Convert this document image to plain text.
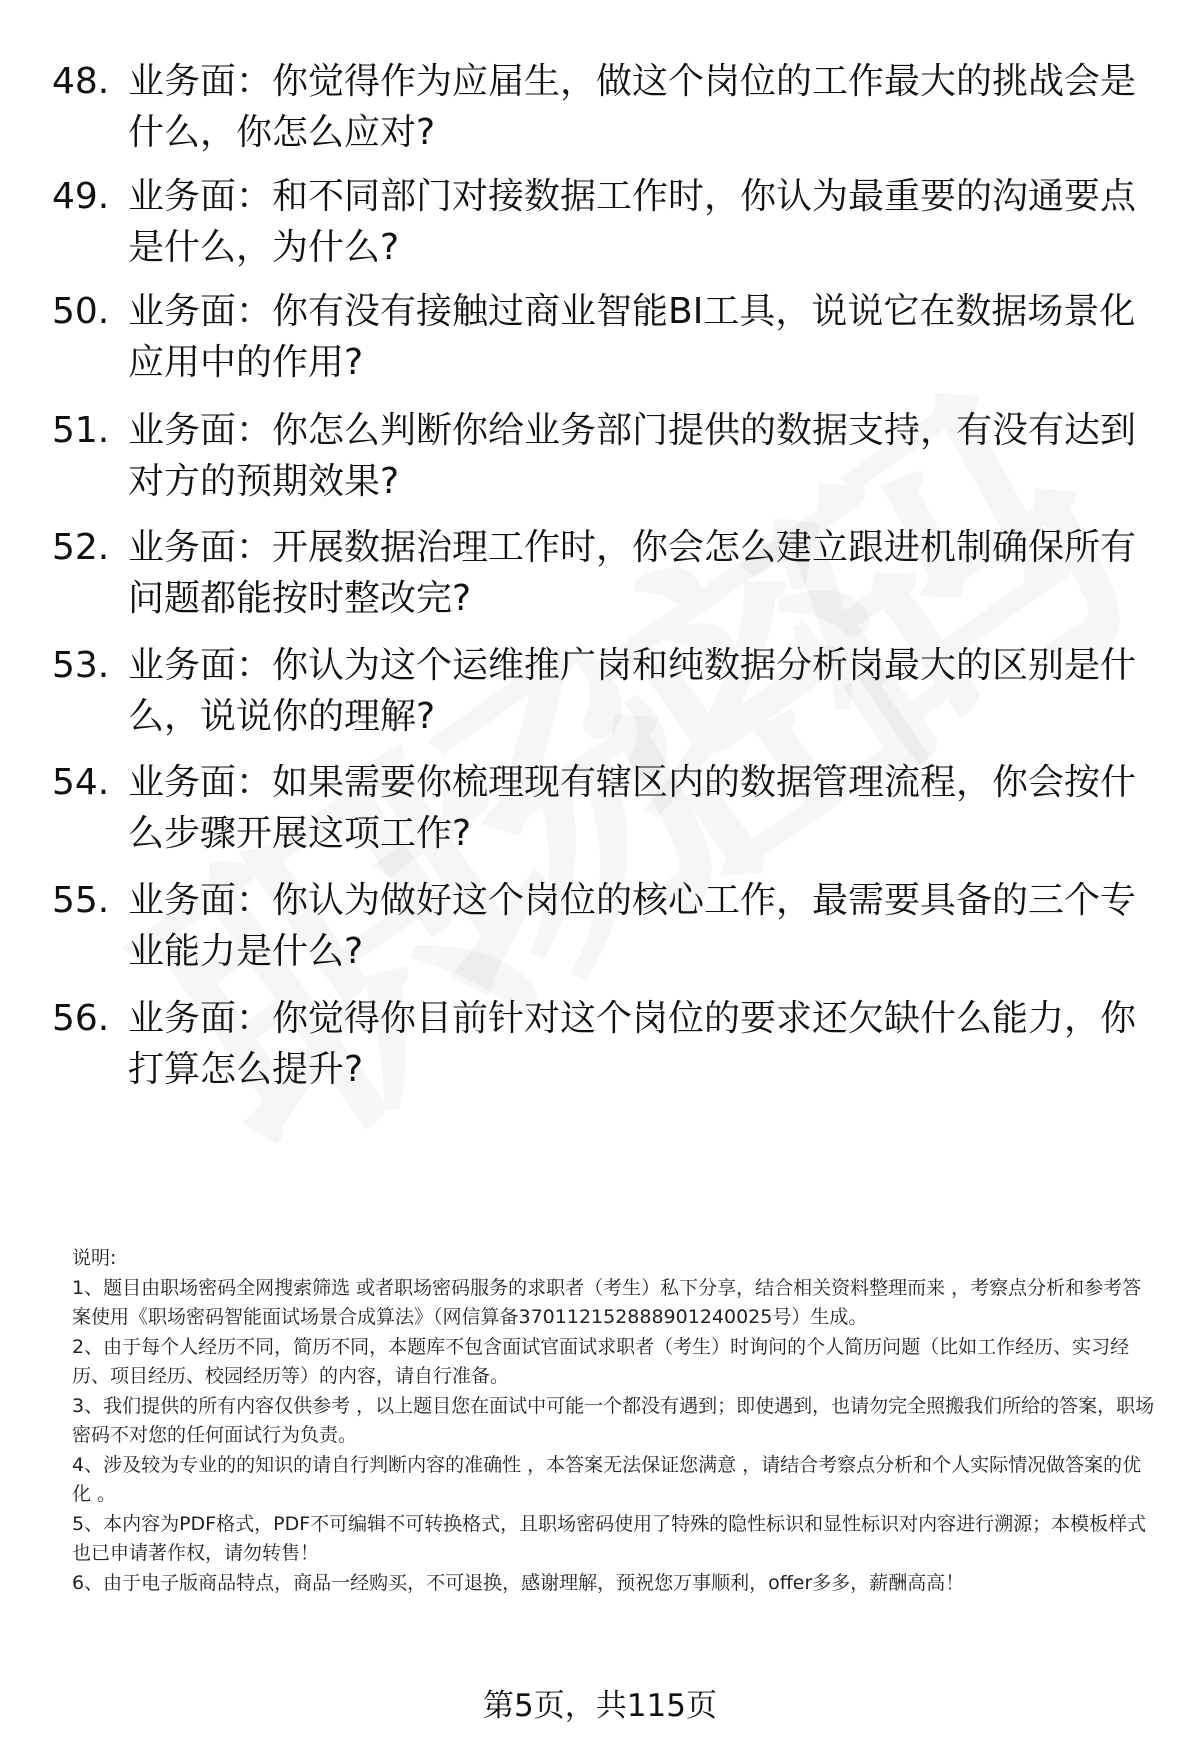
48. 业务面：你觉得作为应届生，做这个岗位的工作最大的挑战会是什么，你怎么应对?
49. 业务面：和不同部门对接数据工作时，你认为最重要的沟通要点是什么，为什么?
50. 业务面：你有没有接触过商业智能BI工具，说说它在数据场景化应用中的作用?
51. 业务面：你怎么判断你给业务部门提供的数据支持，有没有达到对方的预期效果?
52. 业务面：开展数据治理工作时，你会怎么建立跟进机制确保所有问题都能按时整改完?
53. 业务面：你认为这个运维推广岗和纯数据分析岗最大的区别是什么，说说你的理解?
54. 业务面：如果需要你梳理现有辖区内的数据管理流程，你会按什么步骤开展这项工作?
55. 业务面：你认为做好这个岗位的核心工作，最需要具备的三个专业能力是什么?
56. 业务面：你觉得你目前针对这个岗位的要求还欠缺什么能力，你打算怎么提升?

说明:

1、题目由职场密码全网搜索筛选 或者职场密码服务的求职者（考生）私下分享，结合相关资料整理而来 ，考察点分析和参考答案使用《职场密码智能面试场景合成算法》（网信算备370112152888901240025号）生成。

2、由于每个人经历不同，简历不同，本题库不包含面试官面试求职者（考生）时询问的个人简历问题（比如工作经历、实习经历、项目经历、校园经历等）的内容，请自行准备。

3、我们提供的所有内容仅供参考 ，以上题目您在面试中可能一个都没有遇到；即使遇到，也请勿完全照搬我们所给的答案，职场密码不对您的任何面试行为负责。

4、涉及较为专业的的知识的请自行判断内容的准确性 ，本答案无法保证您满意 ，请结合考察点分析和个人实际情况做答案的优化 。

5、本内容为PDF格式，PDF不可编辑不可转换格式，且职场密码使用了特殊的隐性标识和显性标识对内容进行溯源；本模板样式也已申请著作权，请勿转售！

6、由于电子版商品特点，商品一经购买，不可退换，感谢理解，预祝您万事顺利，offer多多，薪酬高高！

第5页，共115页
